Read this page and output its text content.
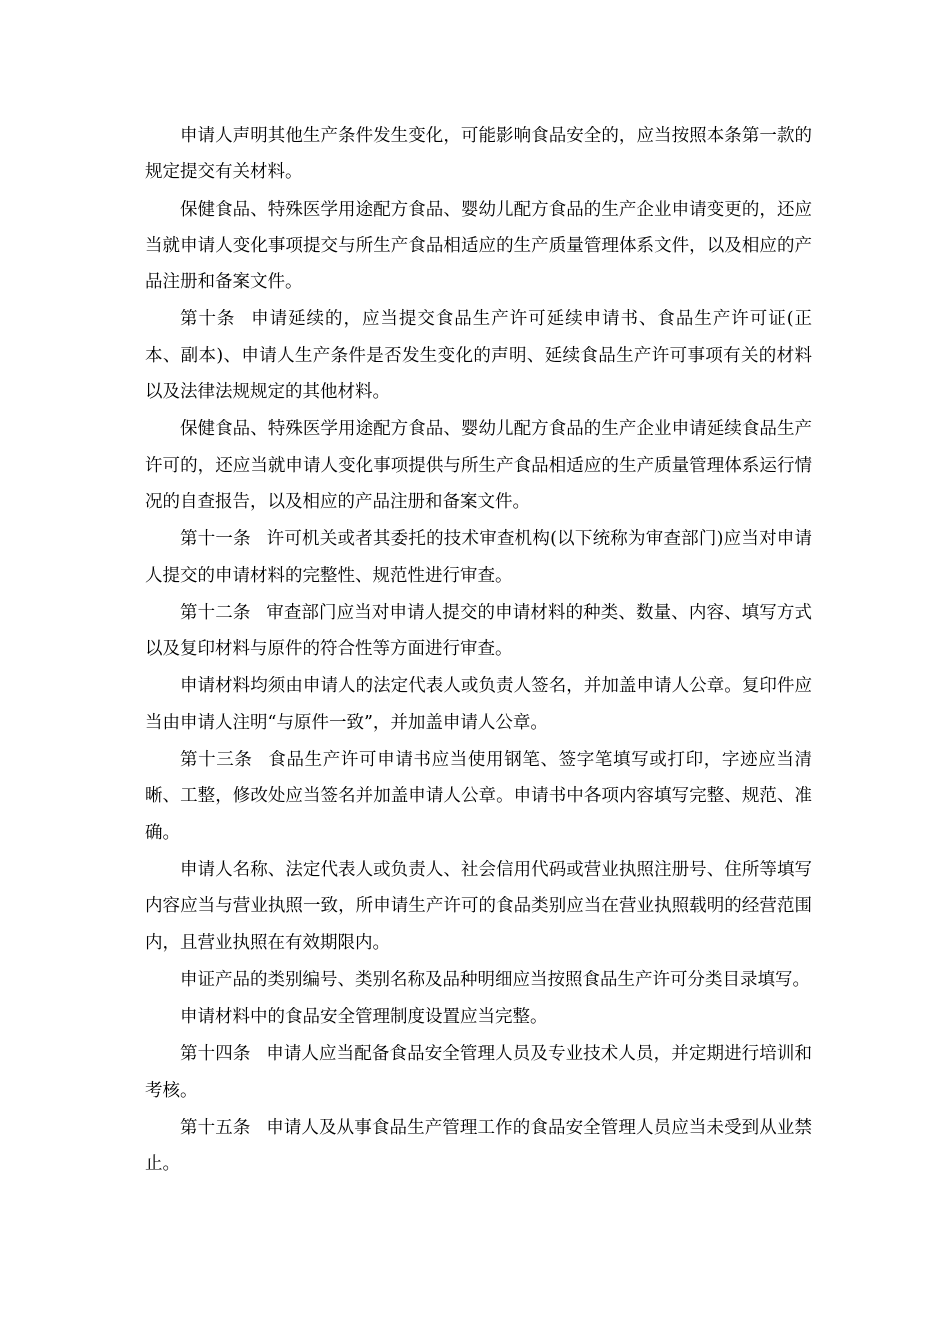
申请人声明其他生产条件发生变化，可能影响食品安全的，应当按照本条第一款的规定提交有关材料。

保健食品、特殊医学用途配方食品、婴幼儿配方食品的生产企业申请变更的，还应当就申请人变化事项提交与所生产食品相适应的生产质量管理体系文件，以及相应的产品注册和备案文件。

第十条 申请延续的，应当提交食品生产许可延续申请书、食品生产许可证(正本、副本)、申请人生产条件是否发生变化的声明、延续食品生产许可事项有关的材料以及法律法规规定的其他材料。

保健食品、特殊医学用途配方食品、婴幼儿配方食品的生产企业申请延续食品生产许可的，还应当就申请人变化事项提供与所生产食品相适应的生产质量管理体系运行情况的自查报告，以及相应的产品注册和备案文件。

第十一条 许可机关或者其委托的技术审查机构(以下统称为审查部门)应当对申请人提交的申请材料的完整性、规范性进行审查。

第十二条 审查部门应当对申请人提交的申请材料的种类、数量、内容、填写方式以及复印材料与原件的符合性等方面进行审查。

申请材料均须由申请人的法定代表人或负责人签名，并加盖申请人公章。复印件应当由申请人注明“与原件一致”，并加盖申请人公章。

第十三条 食品生产许可申请书应当使用钢笔、签字笔填写或打印，字迹应当清晰、工整，修改处应当签名并加盖申请人公章。申请书中各项内容填写完整、规范、准确。

申请人名称、法定代表人或负责人、社会信用代码或营业执照注册号、住所等填写内容应当与营业执照一致，所申请生产许可的食品类别应当在营业执照载明的经营范围内，且营业执照在有效期限内。

申证产品的类别编号、类别名称及品种明细应当按照食品生产许可分类目录填写。

申请材料中的食品安全管理制度设置应当完整。

第十四条 申请人应当配备食品安全管理人员及专业技术人员，并定期进行培训和考核。

第十五条 申请人及从事食品生产管理工作的食品安全管理人员应当未受到从业禁止。
